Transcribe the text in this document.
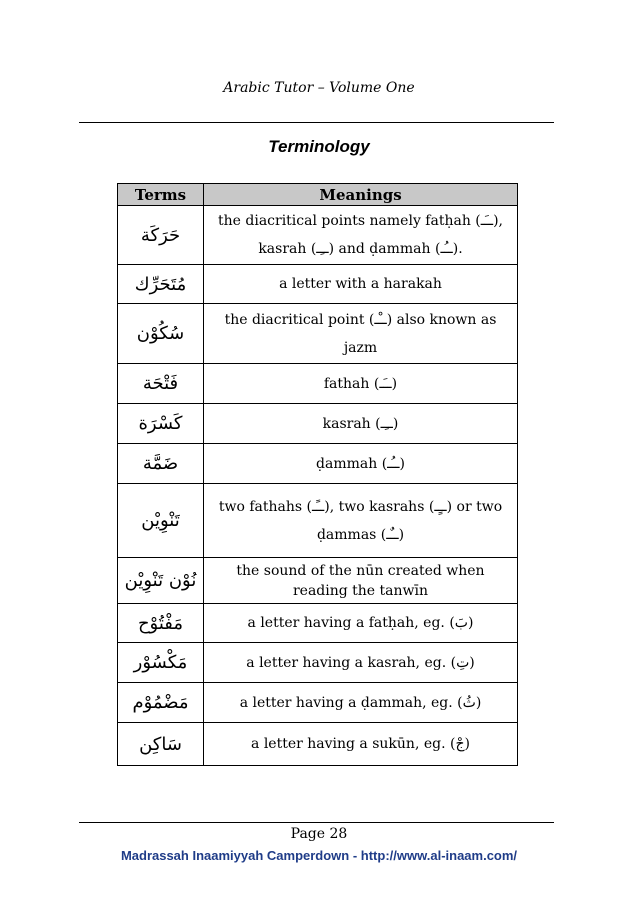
Arabic Tutor – Volume One
Terminology
Terms	Meanings
حَرَكَة	the diacritical points namely fatḥah (ــَـ), kasrah (ــِـ) and ḍammah (ــُـ).
مُتَحَرِّك	a letter with a harakah
سُكُوْن	the diacritical point (ــْـ) also known as jazm
فَتْحَة	fathah (ــَـ)
كَسْرَة	kasrah (ــِـ)
ضَمَّة	ḍammah (ــُـ)
تَنْوِيْن	two fathahs (ــًـ), two kasrahs (ــٍـ) or two ḍammas (ــٌـ)
نُوْن تَنْوِيْن	the sound of the nūn created when reading the tanwīn
مَفْتُوْح	a letter having a fatḥah, eg. (بَ)
مَكْسُوْر	a letter having a kasrah, eg. (تِ)
مَضْمُوْم	a letter having a ḍammah, eg. (ثُ)
سَاكِن	a letter having a sukūn, eg. (جْ)
Page 28
Madrassah Inaamiyyah Camperdown - http://www.al-inaam.com/
